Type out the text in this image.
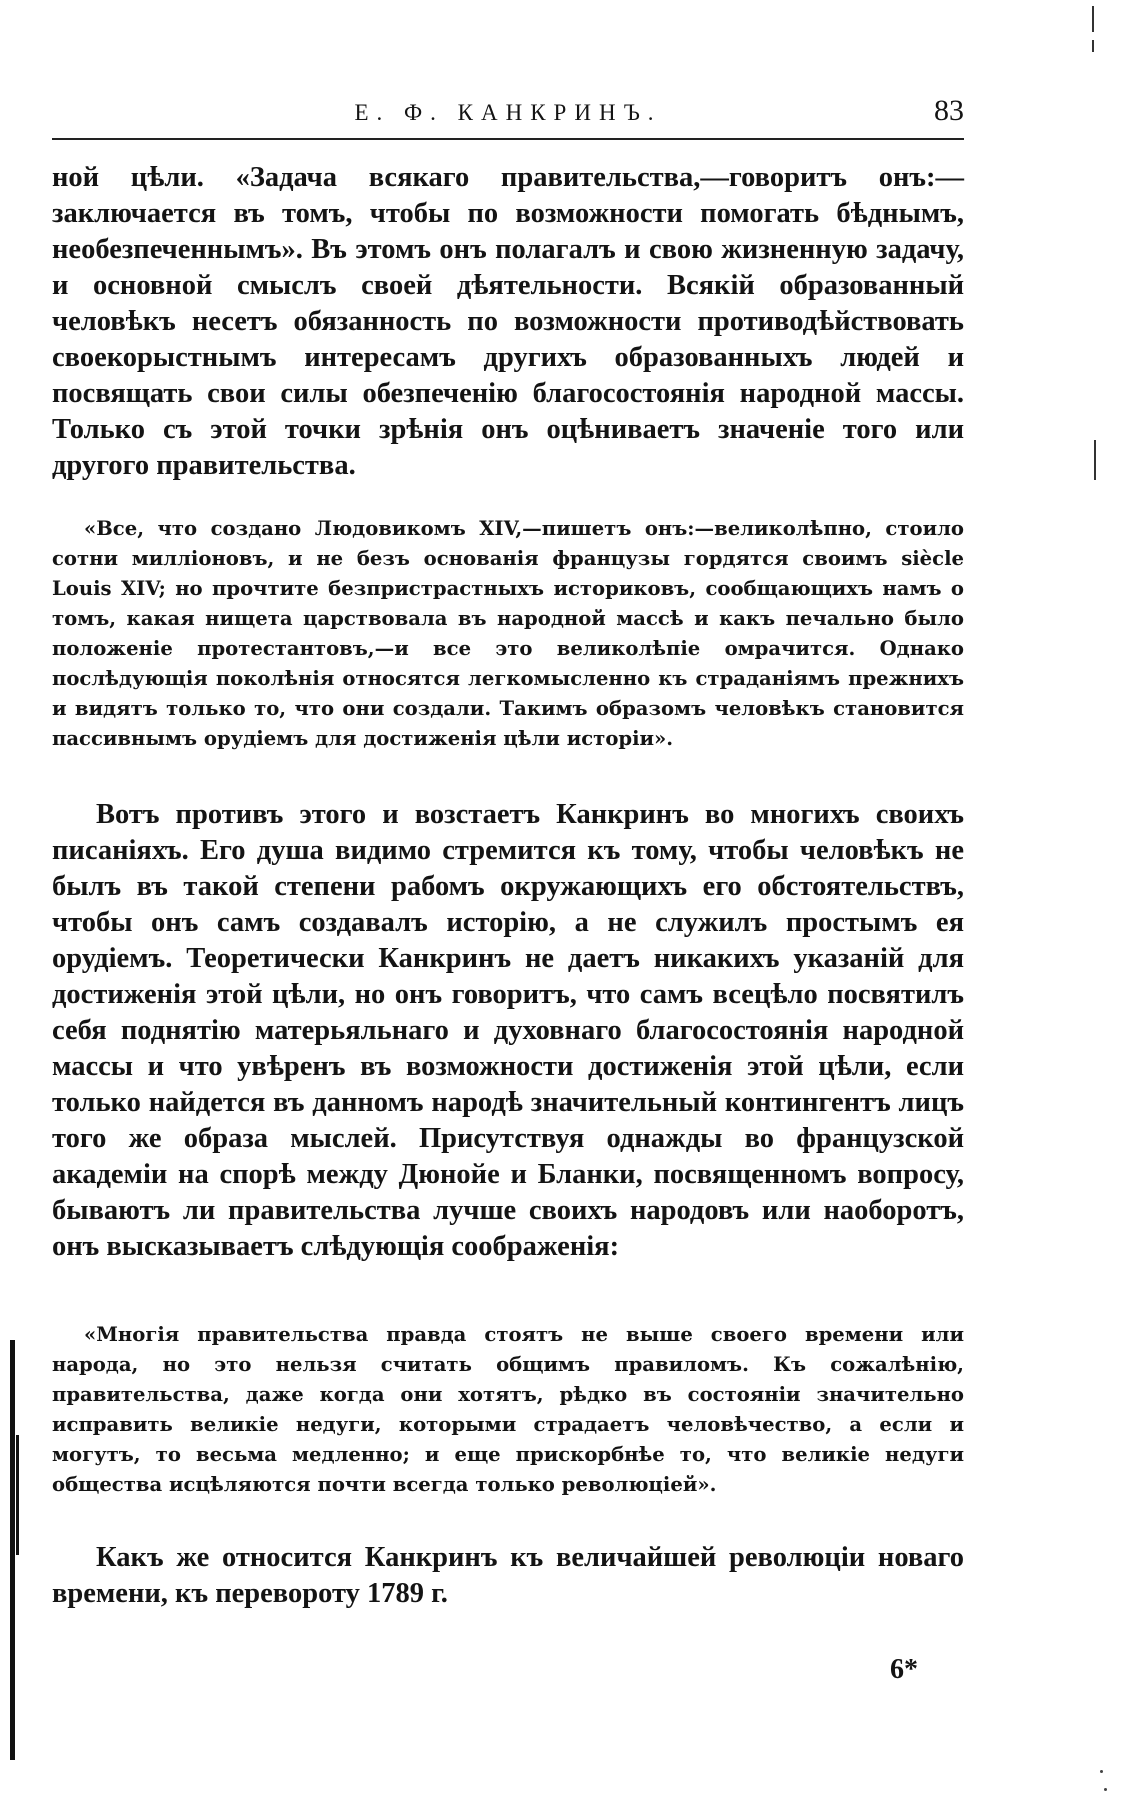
Е. Ф. КАНКРИНЪ.	83

ной цѣли. «Задача всякаго правительства,—говоритъ онъ:—заключается въ томъ, чтобы по возможности помогать бѣднымъ, необезпеченнымъ». Въ этомъ онъ полагалъ и свою жизненную задачу, и основной смыслъ своей дѣятельности. Всякій образованный человѣкъ несетъ обязанность по возможности противодѣйствовать своекорыстнымъ интересамъ другихъ образованныхъ людей и посвящать свои силы обезпеченію благосостоянія народной массы. Только съ этой точки зрѣнія онъ оцѣниваетъ значеніе того или другого правительства.

«Все, что создано Людовикомъ XIV,—пишетъ онъ:—великолѣпно, стоило сотни милліоновъ, и не безъ основанія французы гордятся своимъ siècle Louis XIV; но прочтите безпристрастныхъ историковъ, сообщающихъ намъ о томъ, какая нищета царствовала въ народной массѣ и какъ печально было положеніе протестантовъ,—и все это великолѣпіе омрачится. Однако послѣдующія поколѣнія относятся легкомысленно къ страданіямъ прежнихъ и видятъ только то, что они создали. Такимъ образомъ человѣкъ становится пассивнымъ орудіемъ для достиженія цѣли исторіи».

Вотъ противъ этого и возстаетъ Канкринъ во многихъ своихъ писаніяхъ. Его душа видимо стремится къ тому, чтобы человѣкъ не былъ въ такой степени рабомъ окружающихъ его обстоятельствъ, чтобы онъ самъ создавалъ исторію, а не служилъ простымъ ея орудіемъ. Теоретически Канкринъ не даетъ никакихъ указаній для достиженія этой цѣли, но онъ говоритъ, что самъ всецѣло посвятилъ себя поднятію матерьяльнаго и духовнаго благосостоянія народной массы и что увѣренъ въ возможности достиженія этой цѣли, если только найдется въ данномъ народѣ значительный контингентъ лицъ того же образа мыслей. Присутствуя однажды во французской академіи на спорѣ между Дюнойе и Бланки, посвященномъ вопросу, бываютъ ли правительства лучше своихъ народовъ или наоборотъ, онъ высказываетъ слѣдующія соображенія:

«Многія правительства правда стоятъ не выше своего времени или народа, но это нельзя считать общимъ правиломъ. Къ сожалѣнію, правительства, даже когда они хотятъ, рѣдко въ состояніи значительно исправить великіе недуги, которыми страдаетъ человѣчество, а если и могутъ, то весьма медленно; и еще прискорбнѣе то, что великіе недуги общества исцѣляются почти всегда только революціей».

Какъ же относится Канкринъ къ величайшей революціи новаго времени, къ перевороту 1789 г.

6*
